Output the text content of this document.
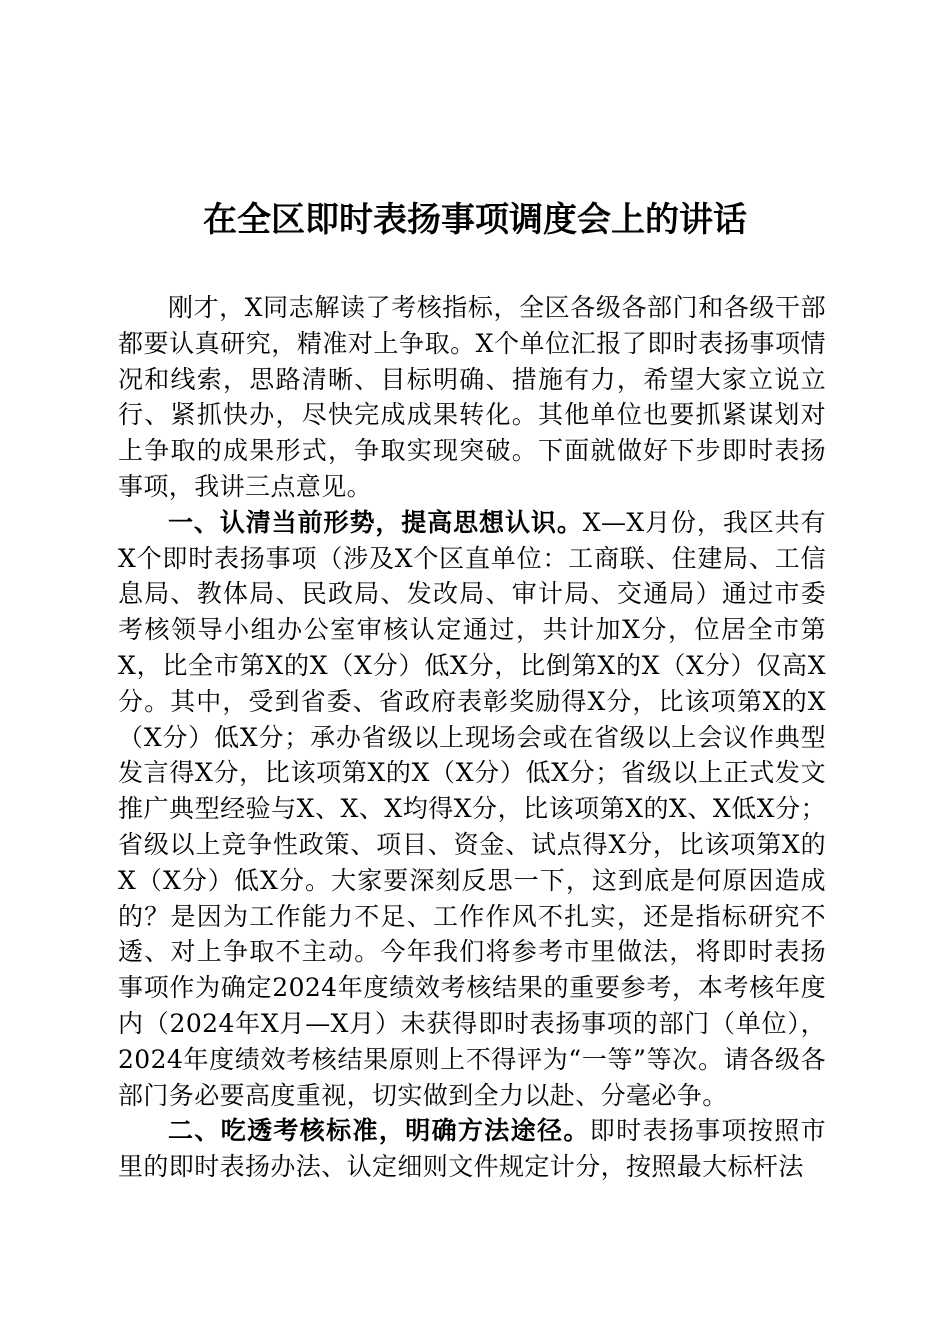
在全区即时表扬事项调度会上的讲话

刚才，X同志解读了考核指标，全区各级各部门和各级干部都要认真研究，精准对上争取。X个单位汇报了即时表扬事项情况和线索，思路清晰、目标明确、措施有力，希望大家立说立行、紧抓快办，尽快完成成果转化。其他单位也要抓紧谋划对上争取的成果形式，争取实现突破。下面就做好下步即时表扬事项，我讲三点意见。

一、认清当前形势，提高思想认识。X—X月份，我区共有X个即时表扬事项（涉及X个区直单位：工商联、住建局、工信息局、教体局、民政局、发改局、审计局、交通局）通过市委考核领导小组办公室审核认定通过，共计加X分，位居全市第X，比全市第X的X（X分）低X分，比倒第X的X（X分）仅高X分。其中，受到省委、省政府表彰奖励得X分，比该项第X的X（X分）低X分；承办省级以上现场会或在省级以上会议作典型发言得X分，比该项第X的X（X分）低X分；省级以上正式发文推广典型经验与X、X、X均得X分，比该项第X的X、X低X分；省级以上竞争性政策、项目、资金、试点得X分，比该项第X的X（X分）低X分。大家要深刻反思一下，这到底是何原因造成的？是因为工作能力不足、工作作风不扎实，还是指标研究不透、对上争取不主动。今年我们将参考市里做法，将即时表扬事项作为确定2024年度绩效考核结果的重要参考，本考核年度内（2024年X月—X月）未获得即时表扬事项的部门（单位），2024年度绩效考核结果原则上不得评为“一等”等次。请各级各部门务必要高度重视，切实做到全力以赴、分毫必争。

二、吃透考核标准，明确方法途径。即时表扬事项按照市里的即时表扬办法、认定细则文件规定计分，按照最大标杆法
